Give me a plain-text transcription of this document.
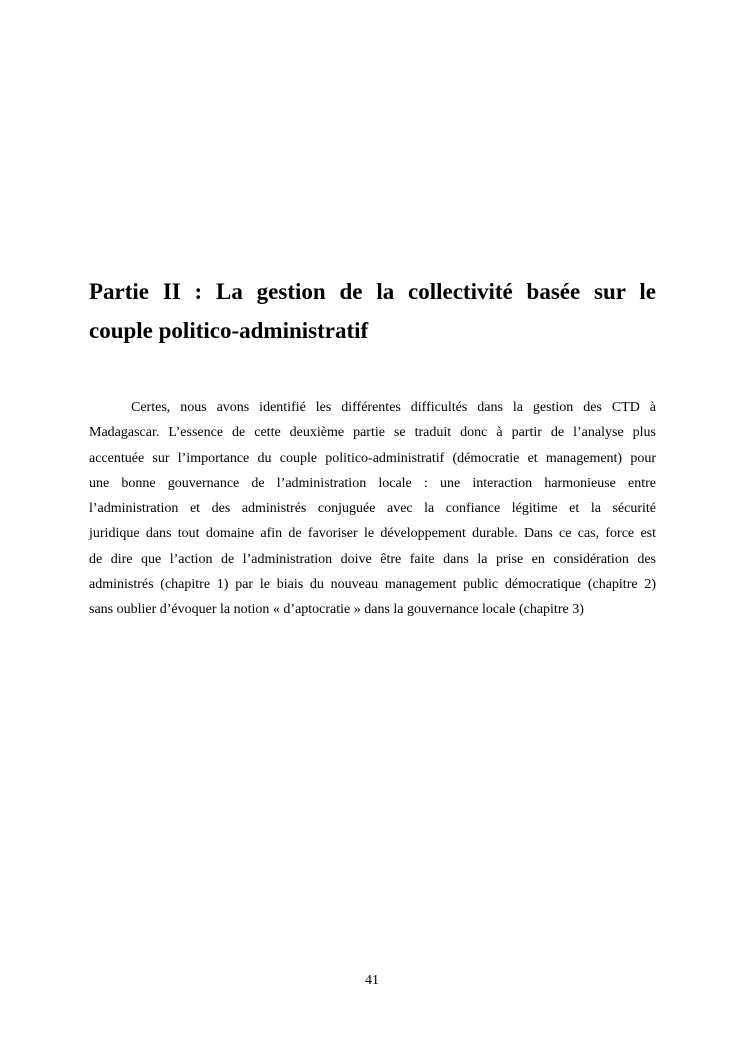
Partie II : La gestion de la collectivité basée sur le
couple politico-administratif
Certes, nous avons identifié les différentes difficultés dans la gestion des CTD à
Madagascar. L’essence de cette deuxième partie se traduit donc à partir de l’analyse plus
accentuée sur l’importance du couple politico-administratif (démocratie et management) pour
une bonne gouvernance de l’administration locale : une interaction harmonieuse entre
l’administration et des administrés conjuguée avec la confiance légitime et la sécurité
juridique dans tout domaine afin de favoriser le développement durable. Dans ce cas, force est
de dire que l’action de l’administration doive être faite dans la prise en considération des
administrés (chapitre 1) par le biais du nouveau management public démocratique (chapitre 2)
sans oublier d’évoquer la notion « d’aptocratie » dans la gouvernance locale (chapitre 3)
41
